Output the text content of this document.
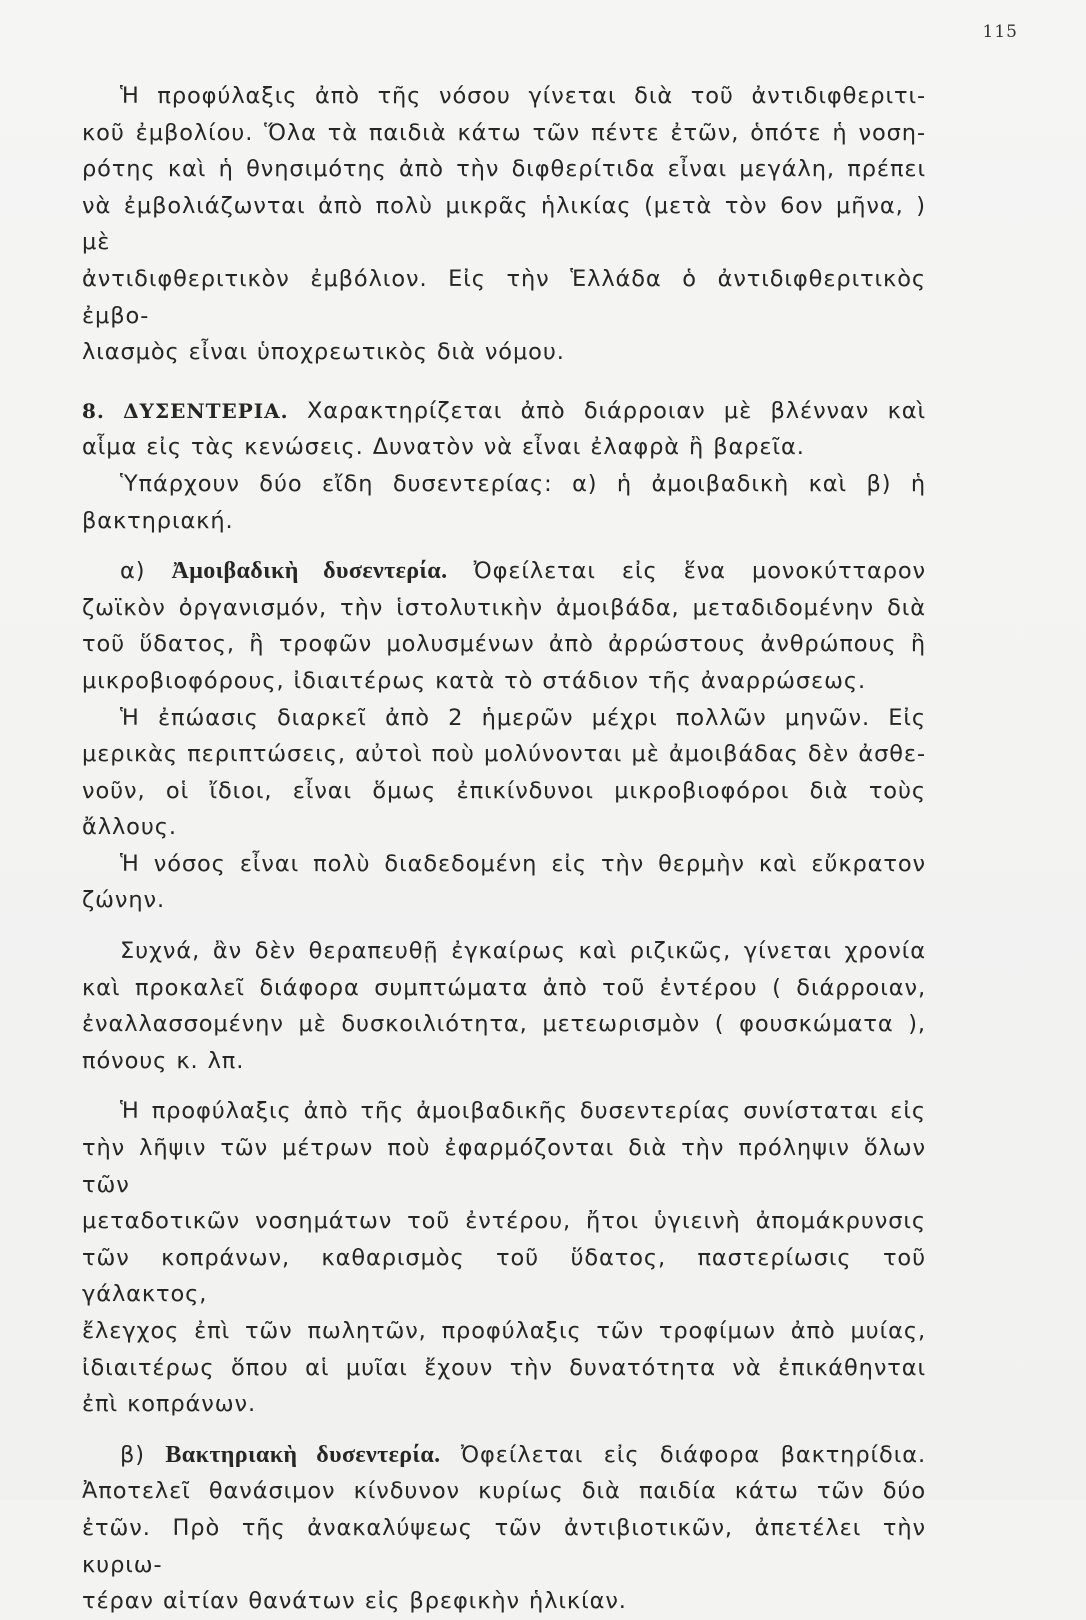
115

Ἡ προφύλαξις ἀπὸ τῆς νόσου γίνεται διὰ τοῦ ἀντιδιφθεριτι-

κοῦ ἐμβολίου. Ὅλα τὰ παιδιὰ κάτω τῶν πέντε ἐτῶν, ὁπότε ἡ νοση-

ρότης καὶ ἡ θνησιμότης ἀπὸ τὴν διφθερίτιδα εἶναι μεγάλη, πρέπει

νὰ ἐμβολιάζωνται ἀπὸ πολὺ μικρᾶς ἡλικίας (μετὰ τὸν 6ον μῆνα, ) μὲ

ἀντιδιφθεριτικὸν ἐμβόλιον. Εἰς τὴν Ἑλλάδα ὁ ἀντιδιφθεριτικὸς ἐμβο-

λιασμὸς εἶναι ὑποχρεωτικὸς διὰ νόμου.

8. ΔΥΣΕΝΤΕΡΙΑ. Χαρακτηρίζεται ἀπὸ διάρροιαν μὲ βλένναν καὶ

αἷμα εἰς τὰς κενώσεις. Δυνατὸν νὰ εἶναι ἐλαφρὰ ἢ βαρεῖα.

Ὑπάρχουν δύο εἴδη δυσεντερίας: α) ἡ ἀμοιβαδικὴ καὶ β) ἡ

βακτηριακή.

α) Ἀμοιβαδικὴ δυσεντερία. Ὀφείλεται εἰς ἕνα μονοκύτταρον

ζωϊκὸν ὀργανισμόν, τὴν ἱστολυτικὴν ἀμοιβάδα, μεταδιδομένην διὰ

τοῦ ὕδατος, ἢ τροφῶν μολυσμένων ἀπὸ ἀρρώστους ἀνθρώπους ἢ

μικροβιοφόρους, ἰδιαιτέρως κατὰ τὸ στάδιον τῆς ἀναρρώσεως.

Ἡ ἐπώασις διαρκεῖ ἀπὸ 2 ἡμερῶν μέχρι πολλῶν μηνῶν. Εἰς

μερικὰς περιπτώσεις, αὐτοὶ ποὺ μολύνονται μὲ ἀμοιβάδας δὲν ἀσθε-

νοῦν, οἱ ἴδιοι, εἶναι ὅμως ἐπικίνδυνοι μικροβιοφόροι διὰ τοὺς ἄλλους.

Ἡ νόσος εἶναι πολὺ διαδεδομένη εἰς τὴν θερμὴν καὶ εὔκρατον

ζώνην.

Συχνά, ἂν δὲν θεραπευθῇ ἐγκαίρως καὶ ριζικῶς, γίνεται χρονία

καὶ προκαλεῖ διάφορα συμπτώματα ἀπὸ τοῦ ἐντέρου ( διάρροιαν,

ἐναλλασσομένην μὲ δυσκοιλιότητα, μετεωρισμὸν ( φουσκώματα ),

πόνους κ. λπ.

Ἡ προφύλαξις ἀπὸ τῆς ἀμοιβαδικῆς δυσεντερίας συνίσταται εἰς

τὴν λῆψιν τῶν μέτρων ποὺ ἐφαρμόζονται διὰ τὴν πρόληψιν ὅλων τῶν

μεταδοτικῶν νοσημάτων τοῦ ἐντέρου, ἤτοι ὑγιεινὴ ἀπομάκρυνσις

τῶν κοπράνων, καθαρισμὸς τοῦ ὕδατος, παστερίωσις τοῦ γάλακτος,

ἔλεγχος ἐπὶ τῶν πωλητῶν, προφύλαξις τῶν τροφίμων ἀπὸ μυίας,

ἰδιαιτέρως ὅπου αἱ μυῖαι ἔχουν τὴν δυνατότητα νὰ ἐπικάθηνται

ἐπὶ κοπράνων.

β) Βακτηριακὴ δυσεντερία. Ὀφείλεται εἰς διάφορα βακτηρίδια.

Ἀποτελεῖ θανάσιμον κίνδυνον κυρίως διὰ παιδία κάτω τῶν δύο

ἐτῶν. Πρὸ τῆς ἀνακαλύψεως τῶν ἀντιβιοτικῶν, ἀπετέλει τὴν κυριω-

τέραν αἰτίαν θανάτων εἰς βρεφικὴν ἡλικίαν.
